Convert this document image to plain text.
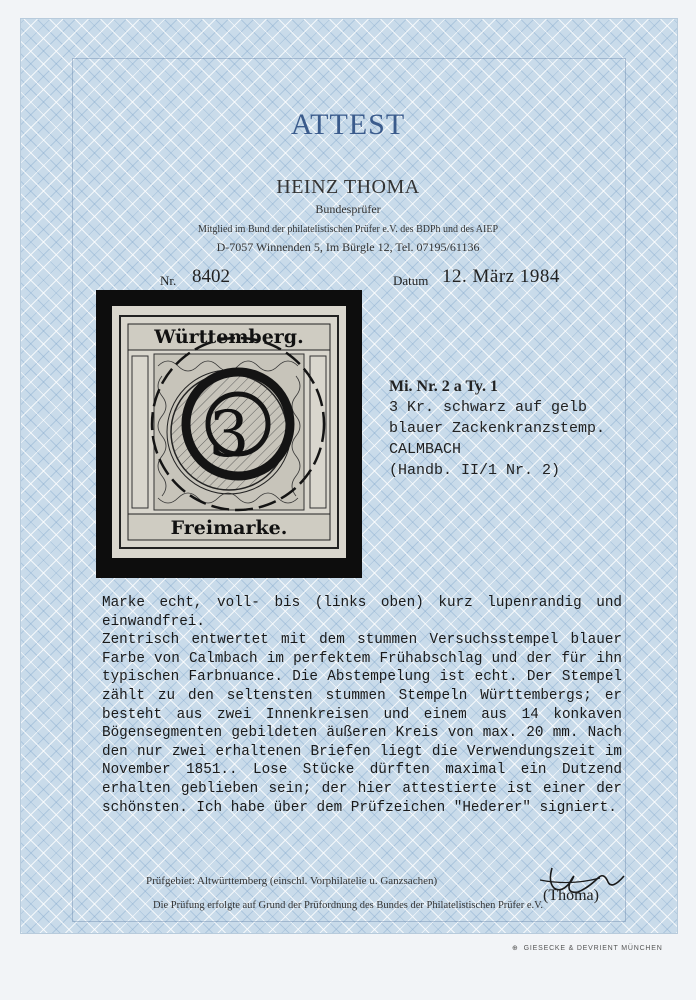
ATTEST
HEINZ THOMA
Bundesprüfer
Mitglied im Bund der philatelistischen Prüfer e.V. des BDPh und des AIEP
D-7057 Winnenden 5, Im Bürgle 12, Tel. 07195/61136
Nr. 8402	Datum 12. März 1984
Württemberg.
Freimarke.
3
Mi. Nr. 2 a Ty. 1
3 Kr. schwarz auf gelb
blauer Zackenkranzstemp.
CALMBACH
(Handb. II/1 Nr. 2)

Marke echt, voll- bis (links oben) kurz lupenrandig und einwandfrei.

Zentrisch entwertet mit dem stummen Versuchsstempel blauer Farbe von Calmbach im perfektem Frühabschlag und der für ihn typischen Farbnuance. Die Abstempelung ist echt. Der Stempel zählt zu den seltensten stummen Stempeln Württembergs; er besteht aus zwei Innenkreisen und einem aus 14 konkaven Bögensegmenten gebildeten äußeren Kreis von max. 20 mm. Nach den nur zwei erhaltenen Briefen liegt die Verwendungszeit im November 1851.. Lose Stücke dürften maximal ein Dutzend erhalten geblieben sein; der hier attestierte ist einer der schönsten. Ich habe über dem Prüfzeichen "Hederer" signiert.

Prüfgebiet: Altwürttemberg (einschl. Vorphilatelie u. Ganzsachen)
(Thoma)
Die Prüfung erfolgte auf Grund der Prüfordnung des Bundes der Philatelistischen Prüfer e.V.
⊕ GIESECKE & DEVRIENT MÜNCHEN
